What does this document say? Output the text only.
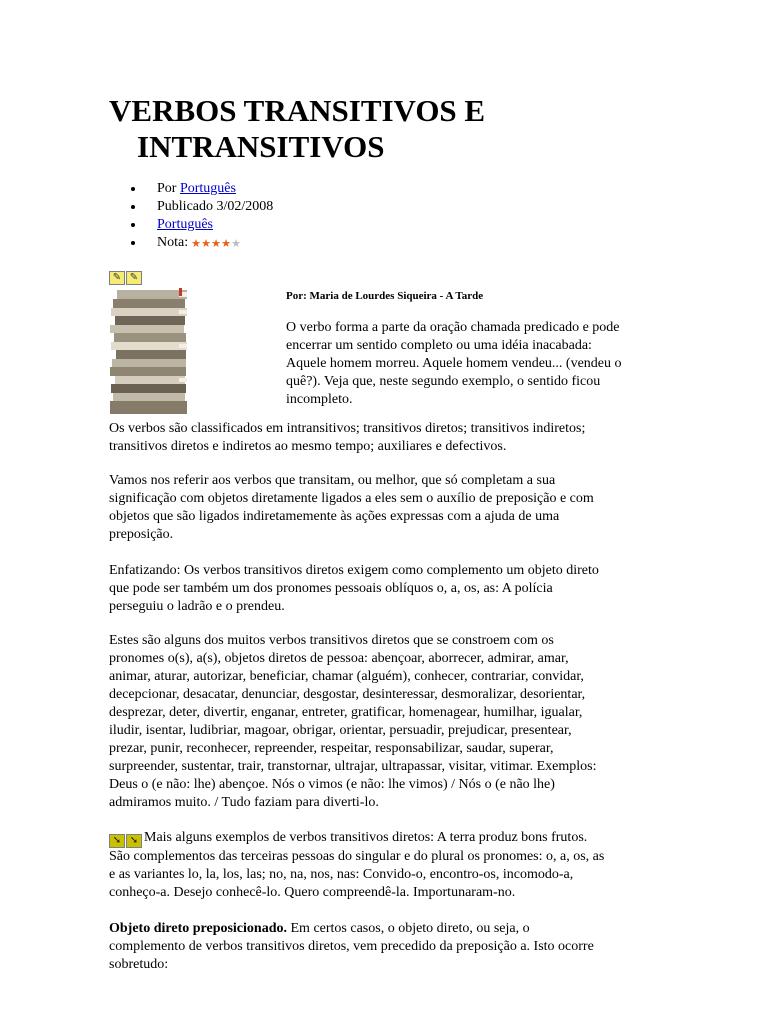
VERBOS TRANSITIVOS E
INTRANSITIVOS
Por Português
Publicado 3/02/2008
Português
Nota: ★★★★★
✎ ✎

Por: Maria de Lourdes Siqueira - A Tarde

O verbo forma a parte da oração chamada predicado e pode
encerrar um sentido completo ou uma idéia inacabada:
Aquele homem morreu. Aquele homem vendeu... (vendeu o
quê?). Veja que, neste segundo exemplo, o sentido ficou
incompleto.
Os verbos são classificados em intransitivos; transitivos diretos; transitivos indiretos;
transitivos diretos e indiretos ao mesmo tempo; auxiliares e defectivos.
Vamos nos referir aos verbos que transitam, ou melhor, que só completam a sua
significação com objetos diretamente ligados a eles sem o auxílio de preposição e com
objetos que são ligados indiretamemente às ações expressas com a ajuda de uma
preposição.
Enfatizando: Os verbos transitivos diretos exigem como complemento um objeto direto
que pode ser também um dos pronomes pessoais oblíquos o, a, os, as: A polícia
perseguiu o ladrão e o prendeu.
Estes são alguns dos muitos verbos transitivos diretos que se constroem com os
pronomes o(s), a(s), objetos diretos de pessoa: abençoar, aborrecer, admirar, amar,
animar, aturar, autorizar, beneficiar, chamar (alguém), conhecer, contrariar, convidar,
decepcionar, desacatar, denunciar, desgostar, desinteressar, desmoralizar, desorientar,
desprezar, deter, divertir, enganar, entreter, gratificar, homenagear, humilhar, igualar,
iludir, isentar, ludibriar, magoar, obrigar, orientar, persuadir, prejudicar, presentear,
prezar, punir, reconhecer, repreender, respeitar, responsabilizar, saudar, superar,
surpreender, sustentar, trair, transtornar, ultrajar, ultrapassar, visitar, vitimar. Exemplos:
Deus o (e não: lhe) abençoe. Nós o vimos (e não: lhe vimos) / Nós o (e não lhe)
admiramos muito. / Tudo faziam para diverti-lo.
➘ ➘ Mais alguns exemplos de verbos transitivos diretos: A terra produz bons frutos.
São complementos das terceiras pessoas do singular e do plural os pronomes: o, a, os, as
e as variantes lo, la, los, las; no, na, nos, nas: Convido-o, encontro-os, incomodo-a,
conheço-a. Desejo conhecê-lo. Quero compreendê-la. Importunaram-no.
Objeto direto preposicionado. Em certos casos, o objeto direto, ou seja, o
complemento de verbos transitivos diretos, vem precedido da preposição a. Isto ocorre
sobretudo:
